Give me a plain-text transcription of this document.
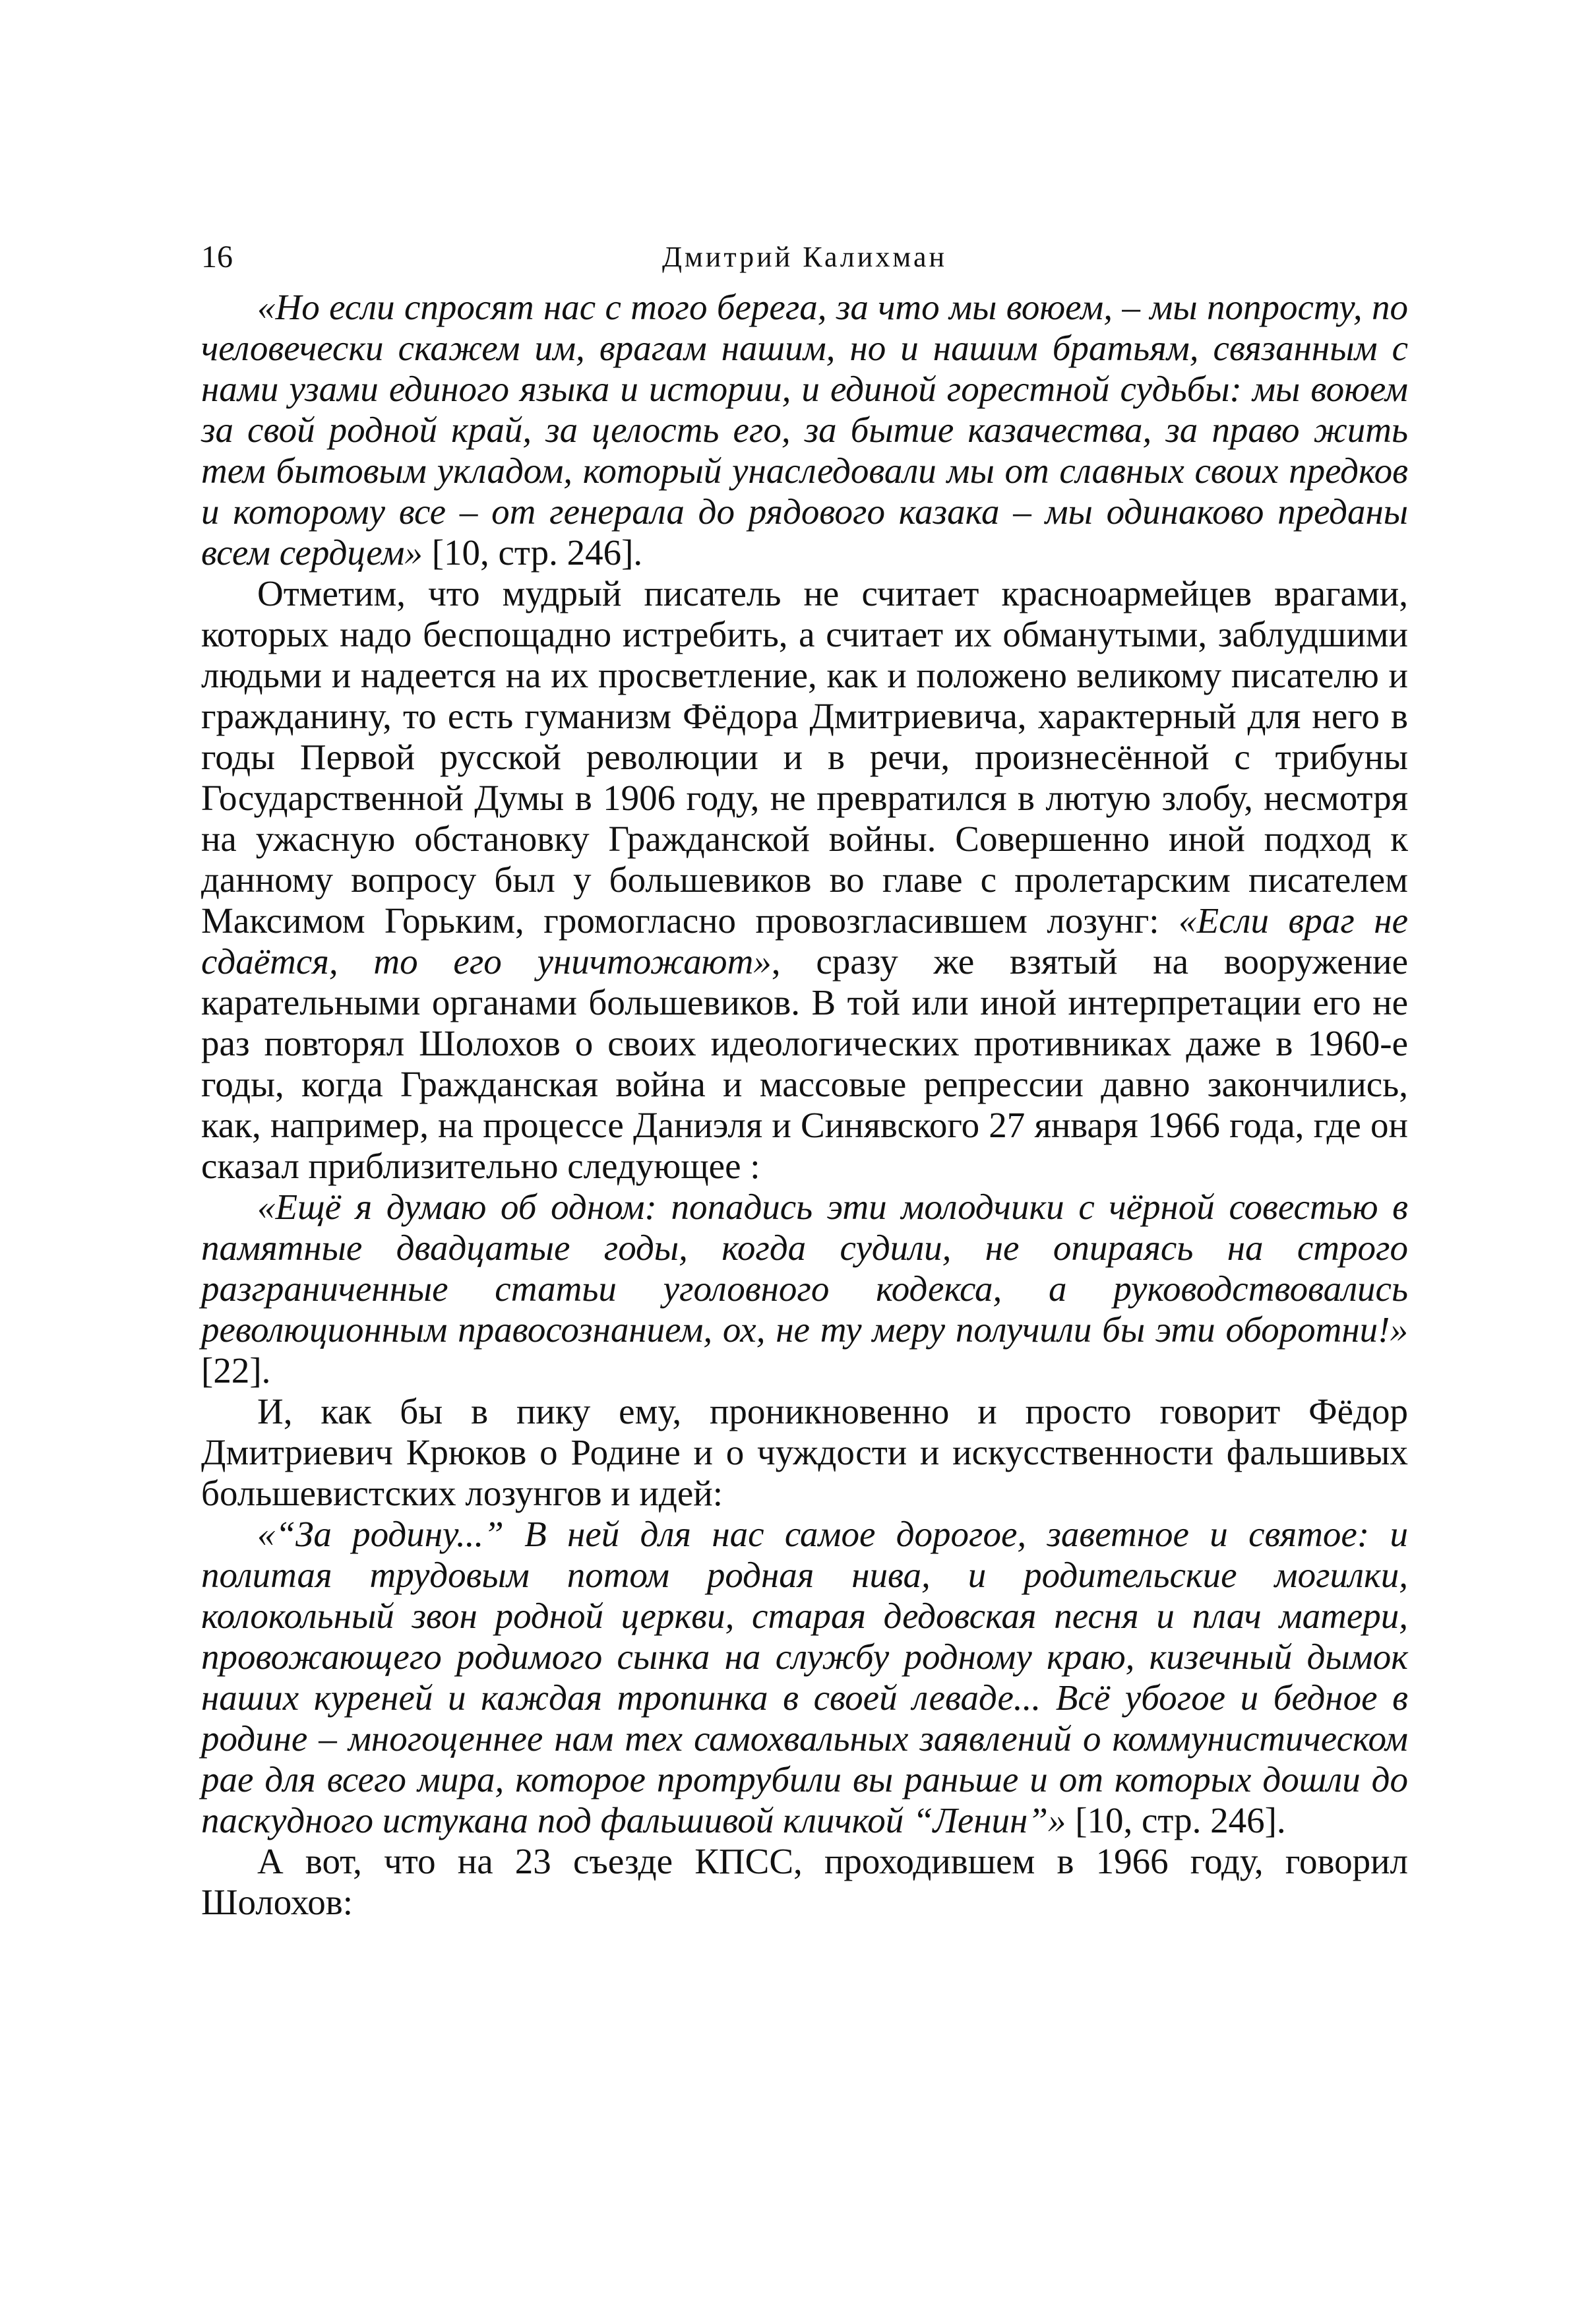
16	Дмитрий Калихман

«Но если спросят нас с того берега, за что мы воюем, – мы попросту, по человечески скажем им, врагам нашим, но и нашим братьям, связанным с нами узами единого языка и истории, и единой горестной судьбы: мы воюем за свой родной край, за целость его, за бытие казачества, за право жить тем бытовым укладом, который унаследовали мы от славных своих предков и которому все – от генерала до рядового казака – мы одинаково преданы всем сердцем» [10, стр. 246].

Отметим, что мудрый писатель не считает красноармейцев врагами, которых надо беспощадно истребить, а считает их обманутыми, заблудшими людьми и надеется на их просветление, как и положено великому писателю и гражданину, то есть гуманизм Фёдора Дмитриевича, характерный для него в годы Первой русской революции и в речи, произнесённой с трибуны Государственной Думы в 1906 году, не превратился в лютую злобу, несмотря на ужасную обстановку Гражданской войны. Совершенно иной подход к данному вопросу был у большевиков во главе с пролетарским писателем Максимом Горьким, громогласно провозгласившем лозунг: «Если враг не сдаётся, то его уничтожают», сразу же взятый на вооружение карательными органами большевиков. В той или иной интерпретации его не раз повторял Шолохов о своих идеологических противниках даже в 1960-е годы, когда Гражданская война и массовые репрессии давно закончились, как, например, на процессе Даниэля и Синявского 27 января 1966 года, где он сказал приблизительно следующее :

«Ещё я думаю об одном: попадись эти молодчики с чёрной совестью в памятные двадцатые годы, когда судили, не опираясь на строго разграниченные статьи уголовного кодекса, а руководствовались революционным правосознанием, ох, не ту меру получили бы эти оборотни!» [22].

И, как бы в пику ему, проникновенно и просто говорит Фёдор Дмитриевич Крюков о Родине и о чуждости и искусственности фальшивых большевистских лозунгов и идей:

«“За родину...” В ней для нас самое дорогое, заветное и святое: и политая трудовым потом родная нива, и родительские могилки, колокольный звон родной церкви, старая дедовская песня и плач матери, провожающего родимого сынка на службу родному краю, кизечный дымок наших куреней и каждая тропинка в своей леваде... Всё убогое и бедное в родине – многоценнее нам тех самохвальных заявлений о коммунистическом рае для всего мира, которое протрубили вы раньше и от которых дошли до паскудного истукана под фальшивой кличкой “Ленин”» [10, стр. 246].

А вот, что на 23 съезде КПСС, проходившем в 1966 году, говорил Шолохов:
